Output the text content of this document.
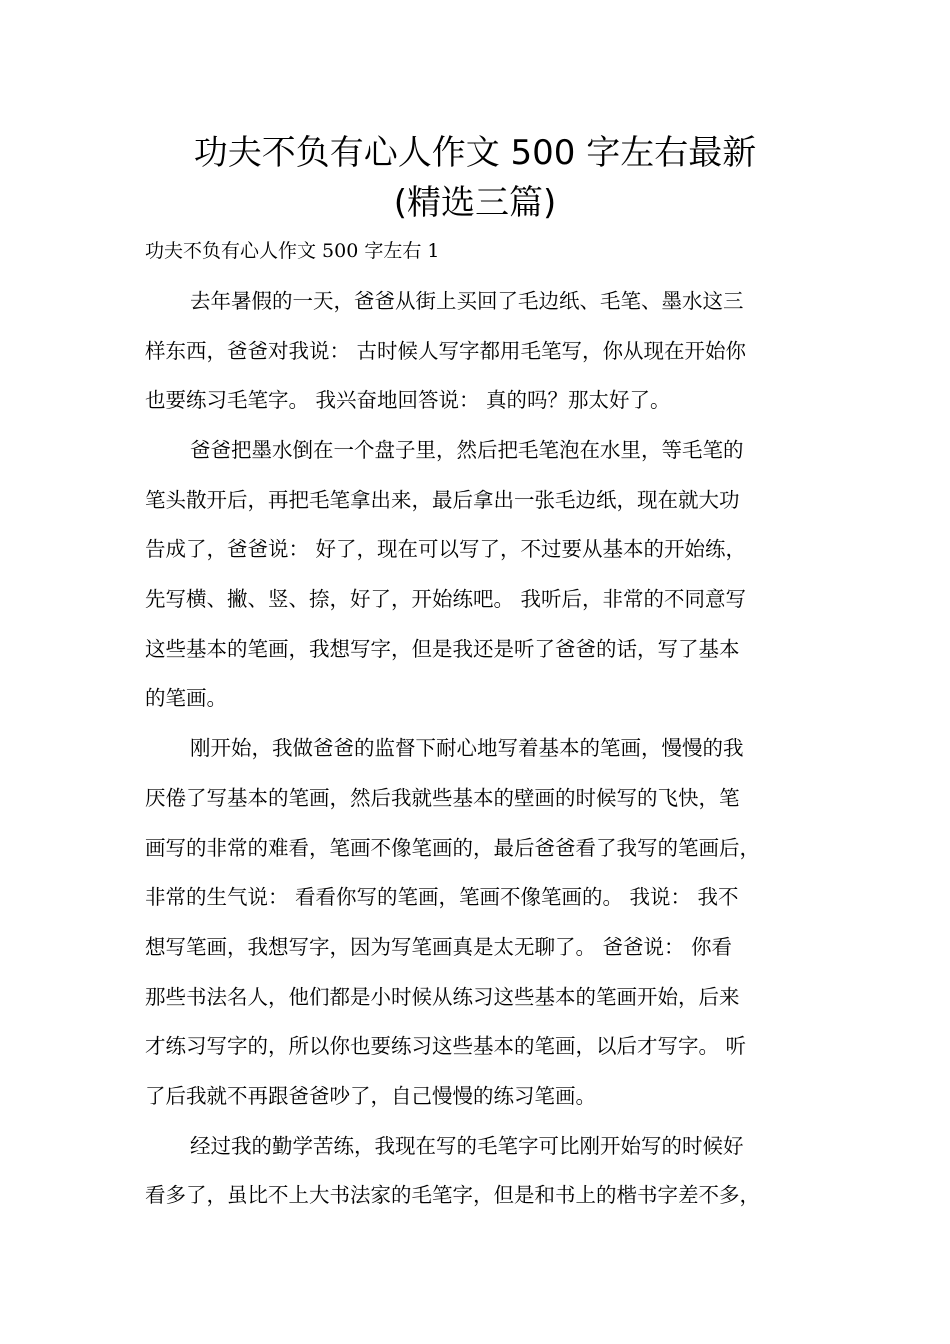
功夫不负有心人作文 500 字左右最新
(精选三篇)

功夫不负有心人作文 500 字左右 1

去年暑假的一天，爸爸从街上买回了毛边纸、毛笔、墨水这三

样东西，爸爸对我说： 古时候人写字都用毛笔写，你从现在开始你

也要练习毛笔字。 我兴奋地回答说： 真的吗？那太好了。

爸爸把墨水倒在一个盘子里，然后把毛笔泡在水里，等毛笔的

笔头散开后，再把毛笔拿出来，最后拿出一张毛边纸，现在就大功

告成了，爸爸说： 好了，现在可以写了，不过要从基本的开始练，

先写横、撇、竖、捺，好了，开始练吧。 我听后，非常的不同意写

这些基本的笔画，我想写字，但是我还是听了爸爸的话，写了基本

的笔画。

刚开始，我做爸爸的监督下耐心地写着基本的笔画，慢慢的我

厌倦了写基本的笔画，然后我就些基本的壁画的时候写的飞快，笔

画写的非常的难看，笔画不像笔画的，最后爸爸看了我写的笔画后，

非常的生气说： 看看你写的笔画，笔画不像笔画的。 我说： 我不

想写笔画，我想写字，因为写笔画真是太无聊了。 爸爸说： 你看

那些书法名人，他们都是小时候从练习这些基本的笔画开始，后来

才练习写字的，所以你也要练习这些基本的笔画，以后才写字。 听

了后我就不再跟爸爸吵了，自己慢慢的练习笔画。

经过我的勤学苦练，我现在写的毛笔字可比刚开始写的时候好

看多了，虽比不上大书法家的毛笔字，但是和书上的楷书字差不多，
